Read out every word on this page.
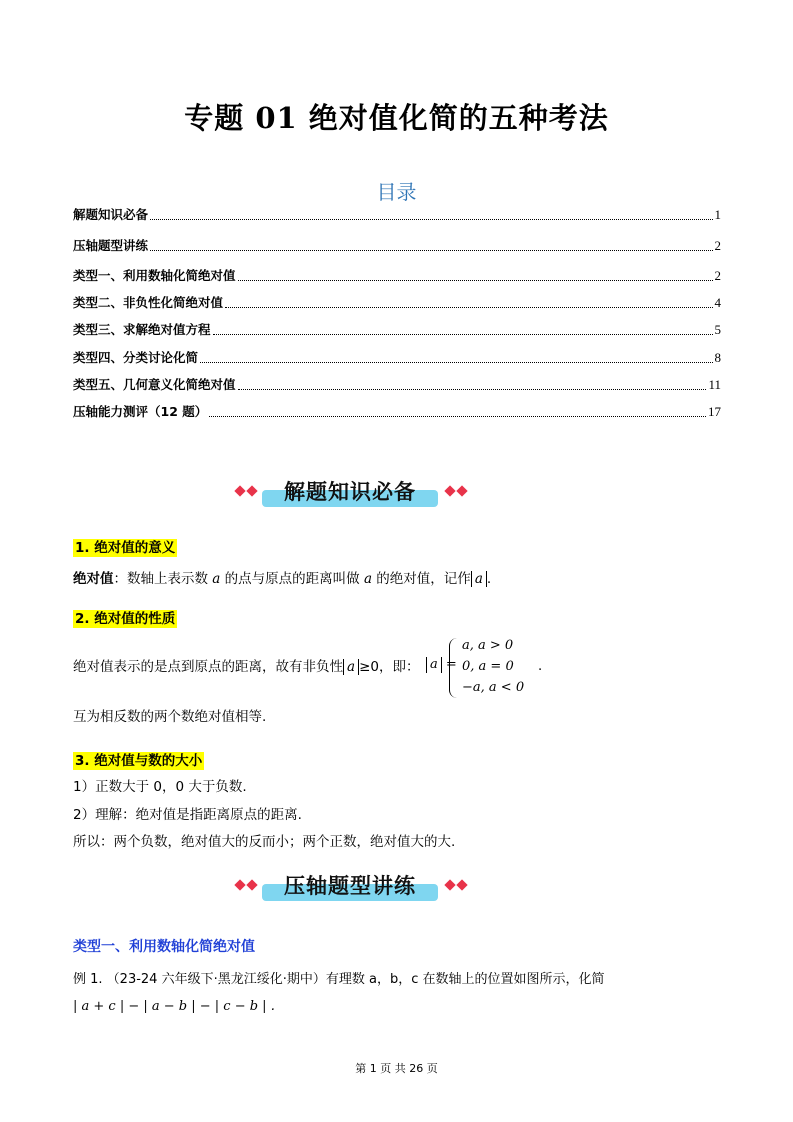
专题 01 绝对值化简的五种考法
目录
解题知识必备	1
压轴题型讲练	2
类型一、利用数轴化简绝对值	2
类型二、非负性化简绝对值	4
类型三、求解绝对值方程	5
类型四、分类讨论化简	8
类型五、几何意义化简绝对值	11
压轴能力测评（12 题）	17
解题知识必备
1. 绝对值的意义
绝对值：数轴上表示数 a 的点与原点的距离叫做 a 的绝对值，记作 a .
2. 绝对值的性质
绝对值表示的是点到原点的距离，故有非负性 a ≥0，即： a =
a, a > 0
0, a = 0
−a, a < 0
.
互为相反数的两个数绝对值相等.
3. 绝对值与数的大小
1）正数大于 0，0 大于负数.
2）理解：绝对值是指距离原点的距离.
所以：两个负数，绝对值大的反而小；两个正数，绝对值大的大.
压轴题型讲练
类型一、利用数轴化简绝对值
例 1. （23-24 六年级下·黑龙江绥化·期中）有理数 a，b，c 在数轴上的位置如图所示，化简
| a + c | − | a − b | − | c − b | .
第 1 页 共 26 页
